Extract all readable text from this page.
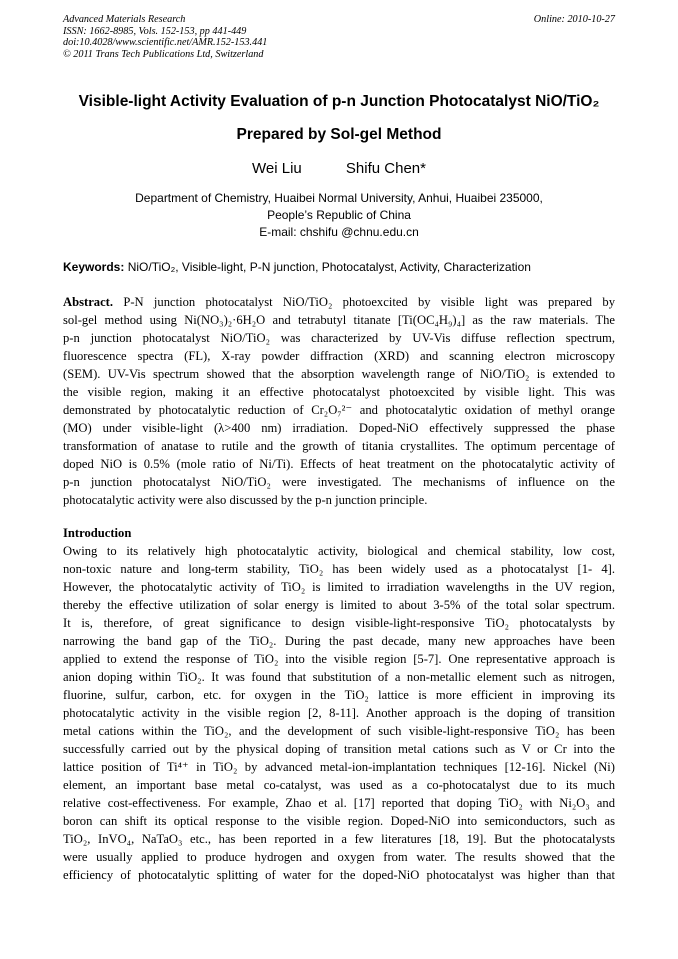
Advanced Materials Research
ISSN: 1662-8985, Vols. 152-153, pp 441-449
doi:10.4028/www.scientific.net/AMR.152-153.441
© 2011 Trans Tech Publications Ltd, Switzerland
Online: 2010-10-27
Visible-light Activity Evaluation of p-n Junction Photocatalyst NiO/TiO₂
Prepared by Sol-gel Method
Wei Liu	Shifu Chen*
Department of Chemistry, Huaibei Normal University, Anhui, Huaibei 235000,
People’s Republic of China
E-mail: chshifu @chnu.edu.cn
Keywords: NiO/TiO₂, Visible-light, P-N junction, Photocatalyst, Activity, Characterization
Abstract. P-N junction photocatalyst NiO/TiO₂ photoexcited by visible light was prepared by
sol-gel method using Ni(NO₃)₂·6H₂O and tetrabutyl titanate [Ti(OC₄H₉)₄] as the raw materials. The
p-n junction photocatalyst NiO/TiO₂ was characterized by UV-Vis diffuse reflection spectrum,
fluorescence spectra (FL), X-ray powder diffraction (XRD) and scanning electron microscopy
(SEM). UV-Vis spectrum showed that the absorption wavelength range of NiO/TiO₂ is extended to
the visible region, making it an effective photocatalyst photoexcited by visible light. This was
demonstrated by photocatalytic reduction of Cr₂O₇²⁻ and photocatalytic oxidation of methyl orange
(MO) under visible-light (λ>400 nm) irradiation. Doped-NiO effectively suppressed the phase
transformation of anatase to rutile and the growth of titania crystallites. The optimum percentage of
doped NiO is 0.5% (mole ratio of Ni/Ti). Effects of heat treatment on the photocatalytic activity of
p-n junction photocatalyst NiO/TiO₂ were investigated. The mechanisms of influence on the
photocatalytic activity were also discussed by the p-n junction principle.
Introduction
Owing to its relatively high photocatalytic activity, biological and chemical stability, low cost,
non-toxic nature and long-term stability, TiO₂ has been widely used as a photocatalyst [1- 4].
However, the photocatalytic activity of TiO₂ is limited to irradiation wavelengths in the UV region,
thereby the effective utilization of solar energy is limited to about 3-5% of the total solar spectrum.
It is, therefore, of great significance to design visible-light-responsive TiO₂ photocatalysts by
narrowing the band gap of the TiO₂. During the past decade, many new approaches have been
applied to extend the response of TiO₂ into the visible region [5-7]. One representative approach is
anion doping within TiO₂. It was found that substitution of a non-metallic element such as nitrogen,
fluorine, sulfur, carbon, etc. for oxygen in the TiO₂ lattice is more efficient in improving its
photocatalytic activity in the visible region [2, 8-11]. Another approach is the doping of transition
metal cations within the TiO₂, and the development of such visible-light-responsive TiO₂ has been
successfully carried out by the physical doping of transition metal cations such as V or Cr into the
lattice position of Ti⁴⁺ in TiO₂ by advanced metal-ion-implantation techniques [12-16]. Nickel (Ni)
element, an important base metal co-catalyst, was used as a co-photocatalyst due to its much
relative cost-effectiveness. For example, Zhao et al. [17] reported that doping TiO₂ with Ni₂O₃ and
boron can shift its optical response to the visible region. Doped-NiO into semiconductors, such as
TiO₂, InVO₄, NaTaO₃ etc., has been reported in a few literatures [18, 19]. But the photocatalysts
were usually applied to produce hydrogen and oxygen from water. The results showed that the
efficiency of photocatalytic splitting of water for the doped-NiO photocatalyst was higher than that
